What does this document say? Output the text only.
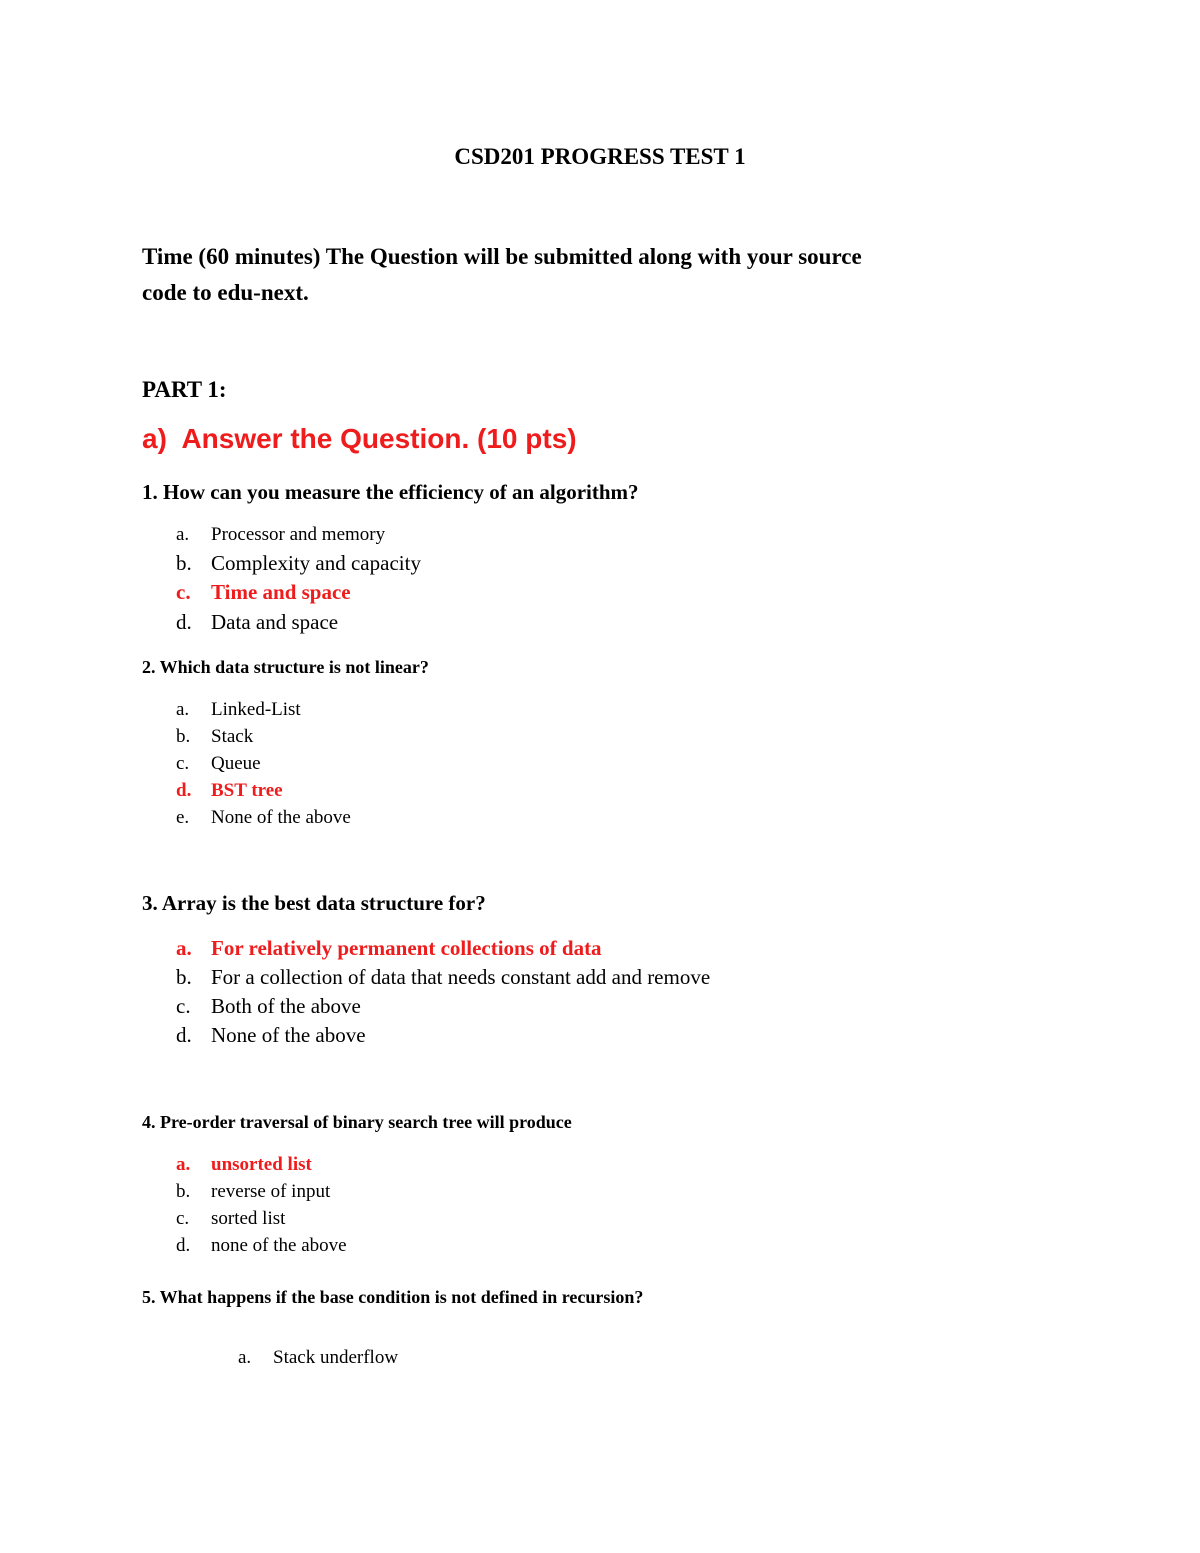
CSD201 PROGRESS TEST 1
Time (60 minutes) The Question will be submitted along with your source
code to edu-next.
PART 1:
a) Answer the Question. (10 pts)
1. How can you measure the efficiency of an algorithm?
a. Processor and memory
b. Complexity and capacity
c. Time and space
d. Data and space
2. Which data structure is not linear?
a. Linked-List
b. Stack
c. Queue
d. BST tree
e. None of the above
3. Array is the best data structure for?
a. For relatively permanent collections of data
b. For a collection of data that needs constant add and remove
c. Both of the above
d. None of the above
4. Pre-order traversal of binary search tree will produce
a. unsorted list
b. reverse of input
c. sorted list
d. none of the above
5. What happens if the base condition is not defined in recursion?
a. Stack underflow
